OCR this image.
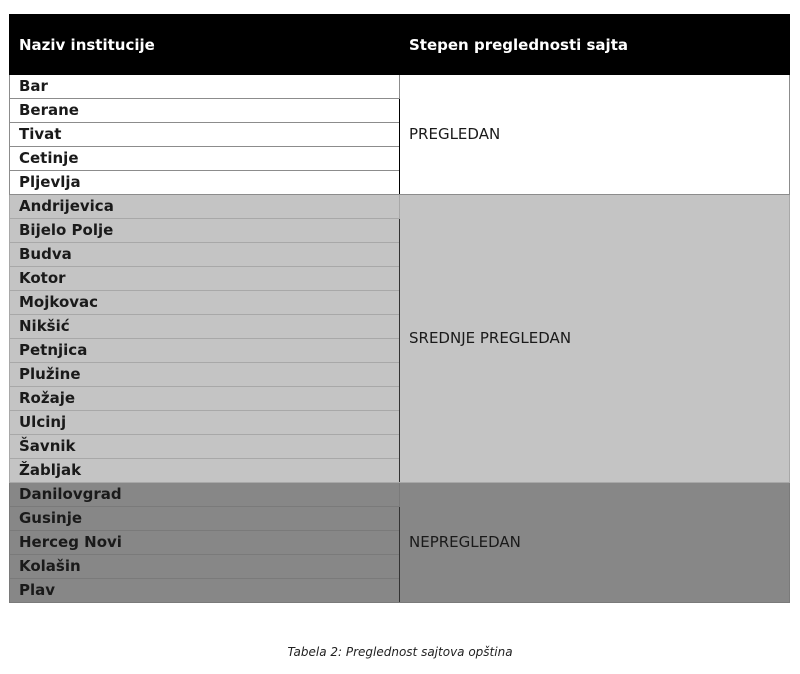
Naziv institucije	Stepen preglednosti sajta
Bar	PREGLEDAN
Berane	
Tivat	
Cetinje	
Pljevlja	
Andrijevica	SREDNJE PREGLEDAN
Bijelo Polje	
Budva	
Kotor	
Mojkovac	
Nikšić	
Petnjica	
Plužine	
Rožaje	
Ulcinj	
Šavnik	
Žabljak	
Danilovgrad	NEPREGLEDAN
Gusinje	
Herceg Novi	
Kolašin	
Plav	
Tabela 2: Preglednost sajtova opština
